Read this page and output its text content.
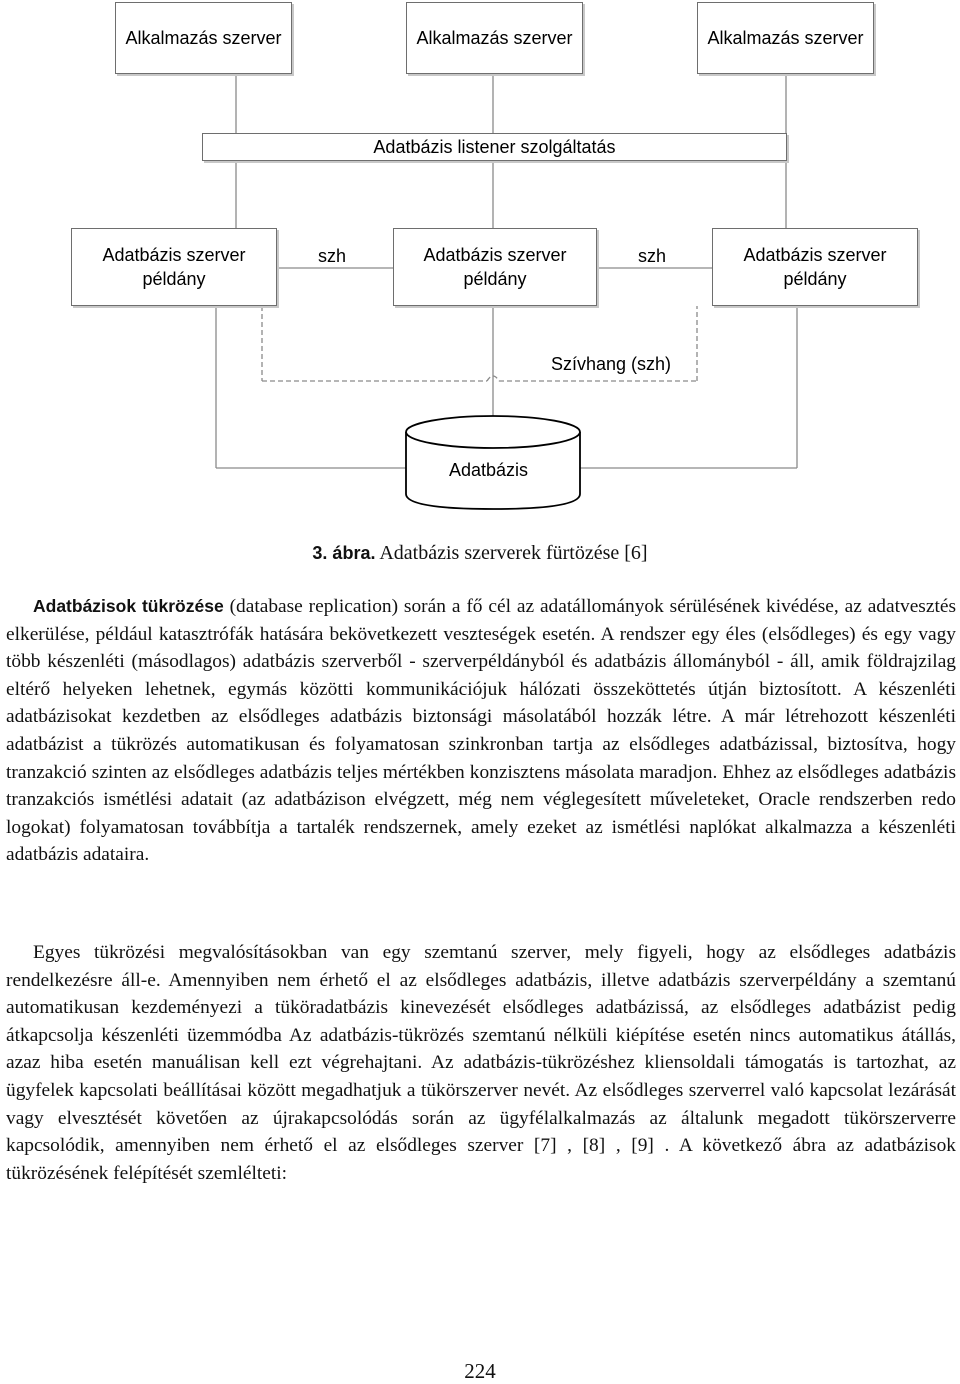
Alkalmazás szerver	Alkalmazás szerver	Alkalmazás szerver
Adatbázis listener szolgáltatás
Adatbázis szerver példány
Adatbázis szerver példány
Adatbázis szerver példány
szh	szh
Szívhang (szh)
Adatbázis
3. ábra. Adatbázis szerverek fürtözése [6]

Adatbázisok tükrözése (database replication) során a fő cél az adatállományok sérülésének kivédése, az adatvesztés elkerülése, például katasztrófák hatására bekövetkezett veszteségek esetén. A rendszer egy éles (elsődleges) és egy vagy több készenléti (másodlagos) adatbázis szerverből - szerverpéldányból és adatbázis állományból - áll, amik földrajzilag eltérő helyeken lehetnek, egymás közötti kommunikációjuk hálózati összeköttetés útján biztosított. A készenléti adatbázisokat kezdetben az elsődleges adatbázis biztonsági másolatából hozzák létre. A már létrehozott készenléti adatbázist a tükrözés automatikusan és folyamatosan szinkronban tartja az elsődleges adatbázissal, biztosítva, hogy tranzakció szinten az elsődleges adatbázis teljes mértékben konzisztens másolata maradjon. Ehhez az elsődleges adatbázis tranzakciós ismétlési adatait (az adatbázison elvégzett, még nem véglegesített műveleteket, Oracle rendszerben redo logokat) folyamatosan továbbítja a tartalék rendszernek, amely ezeket az ismétlési naplókat alkalmazza a készenléti adatbázis adataira.

Egyes tükrözési megvalósításokban van egy szemtanú szerver, mely figyeli, hogy az elsődleges adatbázis rendelkezésre áll-e. Amennyiben nem érhető el az elsődleges adatbázis, illetve adatbázis szerverpéldány a szemtanú automatikusan kezdeményezi a tüköradatbázis kinevezését elsődleges adatbázissá, az elsődleges adatbázist pedig átkapcsolja készenléti üzemmódba Az adatbázis-tükrözés szemtanú nélküli kiépítése esetén nincs automatikus átállás, azaz hiba esetén manuálisan kell ezt végrehajtani. Az adatbázis-tükrözéshez kliensoldali támogatás is tartozhat, az ügyfelek kapcsolati beállításai között megadhatjuk a tükörszerver nevét. Az elsődleges szerverrel való kapcsolat lezárását vagy elvesztését követően az újrakapcsolódás során az ügyfélalkalmazás az általunk megadott tükörszerverre kapcsolódik, amennyiben nem érhető el az elsődleges szerver [7] , [8] , [9] . A következő ábra az adatbázisok tükrözésének felépítését szemlélteti:

224
